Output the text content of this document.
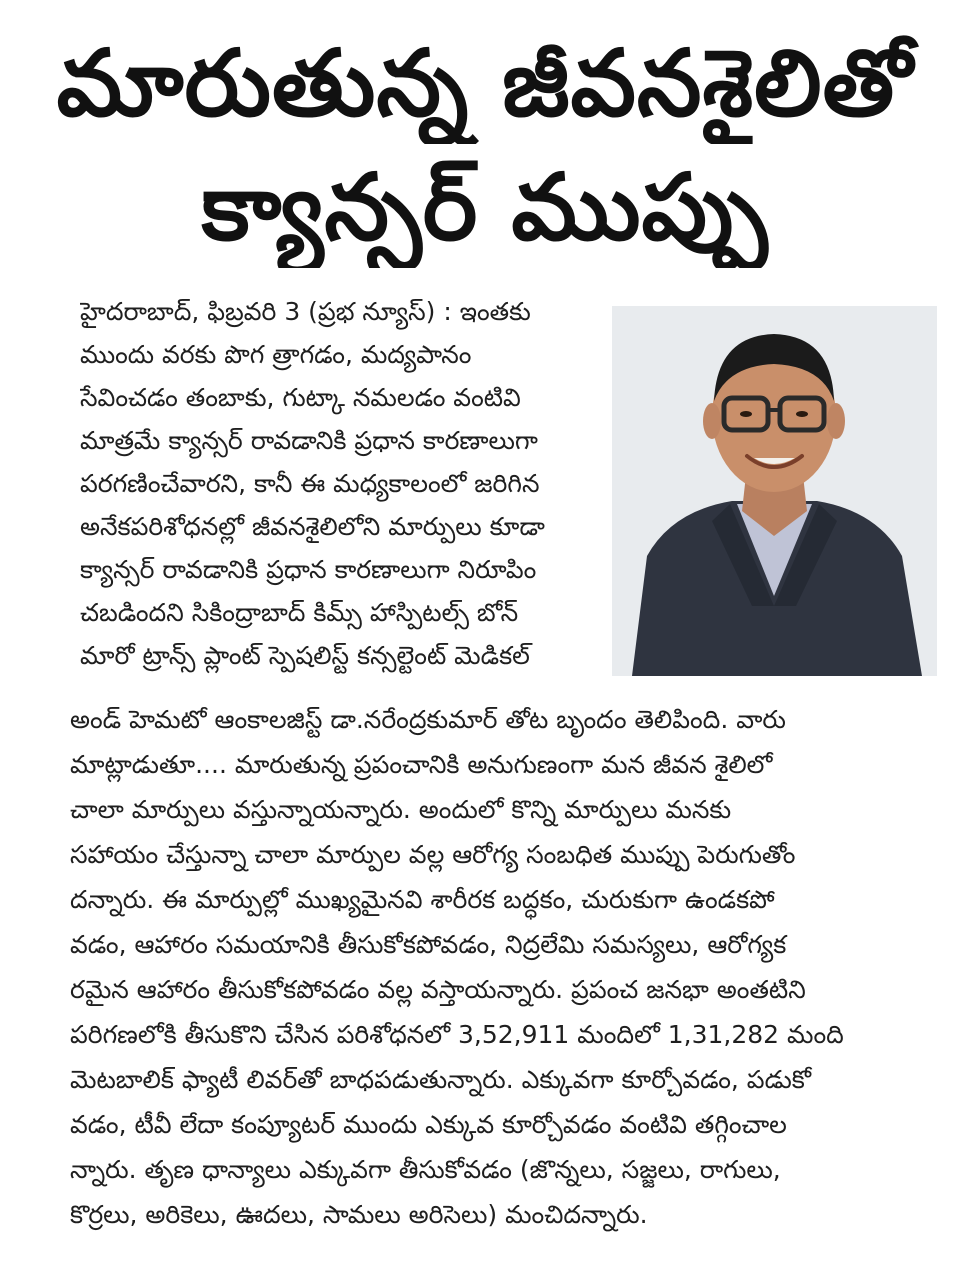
మారుతున్న జీవనశైలితో
క్యాన్సర్ ముప్పు
హైదరాబాద్, ఫిబ్రవరి 3 (ప్రభ న్యూస్) : ఇంతకు
ముందు వరకు పొగ త్రాగడం, మద్యపానం
సేవించడం తంబాకు, గుట్కా నమలడం వంటివి
మాత్రమే క్యాన్సర్ రావడానికి ప్రధాన కారణాలుగా
పరగణించేవారని, కానీ ఈ మధ్యకాలంలో జరిగిన
అనేకపరిశోధనల్లో జీవనశైలిలోని మార్పులు కూడా
క్యాన్సర్ రావడానికి ప్రధాన కారణాలుగా నిరూపిం
చబడిందని సికింద్రాబాద్ కిమ్స్ హాస్పిటల్స్ బోన్
మారో ట్రాన్స్ ప్లాంట్ స్పెషలిస్ట్ కన్సల్టెంట్ మెడికల్
అండ్ హెమటో ఆంకాలజిస్ట్ డా.నరేంద్రకుమార్ తోట బృందం తెలిపింది. వారు
మాట్లాడుతూ.... మారుతున్న ప్రపంచానికి అనుగుణంగా మన జీవన శైలిలో
చాలా మార్పులు వస్తున్నాయన్నారు. అందులో కొన్ని మార్పులు మనకు
సహాయం చేస్తున్నా చాలా మార్పుల వల్ల ఆరోగ్య సంబధిత ముప్పు పెరుగుతోం
దన్నారు. ఈ మార్పుల్లో ముఖ్యమైనవి శారీరక బద్ధకం, చురుకుగా ఉండకపో
వడం, ఆహారం సమయానికి తీసుకోకపోవడం, నిద్రలేమి సమస్యలు, ఆరోగ్యక
రమైన ఆహారం తీసుకోకపోవడం వల్ల వస్తాయన్నారు. ప్రపంచ జనభా అంతటిని
పరిగణలోకి తీసుకొని చేసిన పరిశోధనలో 3,52,911 మందిలో 1,31,282 మంది
మెటబాలిక్ ఫ్యాటీ లివర్‌తో బాధపడుతున్నారు. ఎక్కువగా కూర్చోవడం, పడుకో
వడం, టీవీ లేదా కంప్యూటర్ ముందు ఎక్కువ కూర్చోవడం వంటివి తగ్గించాల
న్నారు. తృణ ధాన్యాలు ఎక్కువగా తీసుకోవడం (జొన్నలు, సజ్జలు, రాగులు,
కొర్రలు, అరికెలు, ఊదలు, సామలు అరిసెలు) మంచిదన్నారు.
